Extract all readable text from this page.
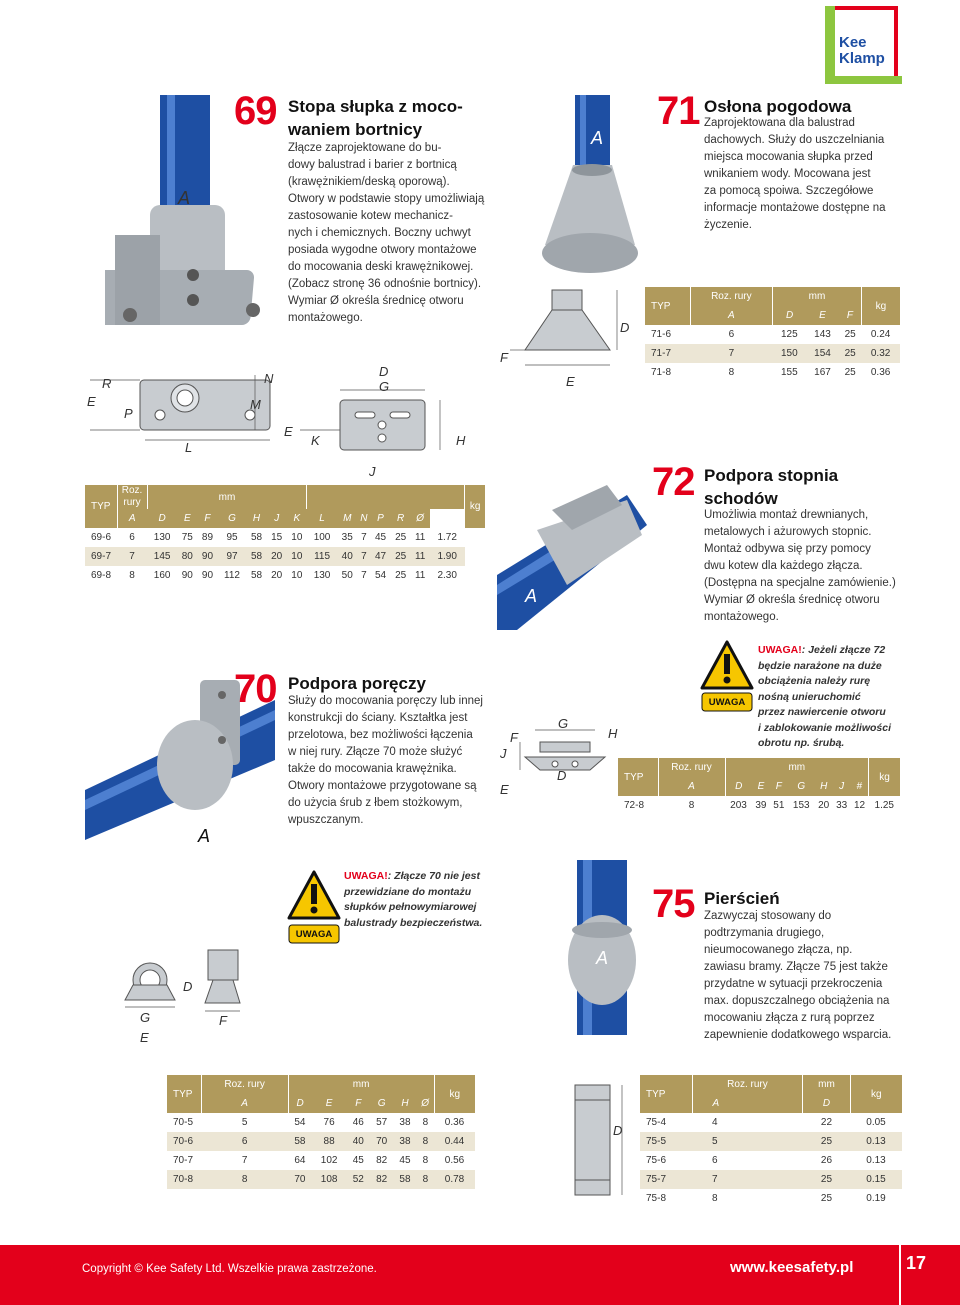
Kee
Klamp
A
69 Stopa słupka z moco-
waniem bortnicy
Złącze zaprojektowane do bu-
dowy balustrad i barier z bortnicą
(krawężnikiem/deską oporową).
Otwory w podstawie stopy umożliwiają
zastosowanie kotew mechanicz-
nych i chemicznych. Boczny uchwyt
posiada wygodne otwory montażowe
do mocowania deski krawężnikowej.
(Zobacz stronę 36 odnośnie bortnicy).
Wymiar Ø określa średnicę otworu
montażowego.
R
E
P
L
M
N	D
G
E
K	H
J
TYP	Roz.
rury	mm														kg
	A	D	E	F	G	H	J	K	L	M	N	P	R	Ø		
69-6	6	130	75	89	95	58	15	10	100	35	7	45	25	11	1.72	
69-7	7	145	80	90	97	58	20	10	115	40	7	47	25	11	1.90	
69-8	8	160	90	90	112	58	20	10	130	50	7	54	25	11	2.30	
A
F
E
D
71 Osłona pogodowa
Zaprojektowana dla balustrad
dachowych. Służy do uszczelniania
miejsca mocowania słupka przed
wnikaniem wody. Mocowana jest
za pomocą spoiwa. Szczegółowe
informacje montażowe dostępne na
życzenie.
TYP	Roz. rury	mm			kg
	A	D	E	F	
71-6	6	125	143	25	0.24
71-7	7	150	154	25	0.32
71-8	8	155	167	25	0.36
A
72 Podpora stopnia
schodów
Umożliwia montaż drewnianych,
metalowych i ażurowych stopnic.
Montaż odbywa się przy pomocy
dwu kotew dla każdego złącza.
(Dostępna na specjalne zamówienie.)
Wymiar Ø określa średnicę otworu
montażowego.
UWAGA
UWAGA!: Jeżeli złącze 72
będzie narażone na duże
obciążenia należy rurę
nośną unieruchomić
przez nawiercenie otworu
i zablokowanie możliwości
obrotu np. śrubą.
G
H
F
J
D
E
TYP	Roz. rury	mm							kg
	A	D	E	F	G	H	J	#	
72-8	8	203	39	51	153	20	33	12	1.25
A
70 Podpora poręczy
Służy do mocowania poręczy lub innej
konstrukcji do ściany. Kształtka jest
przelotowa, bez możliwości łączenia
w niej rury. Złącze 70 może służyć
także do mocowania krawężnika.
Otwory montażowe przygotowane są
do użycia śrub z łbem stożkowym,
wpuszczanym.
UWAGA
UWAGA!: Złącze 70 nie jest
przewidziane do montażu
słupków pełnowymiarowej
balustrady bezpieczeństwa.
D
G
E
F
TYP	Roz. rury	mm						kg
	A	D	E	F	G	H	Ø	
70-5	5	54	76	46	57	38	8	0.36
70-6	6	58	88	40	70	38	8	0.44
70-7	7	64	102	45	82	45	8	0.56
70-8	8	70	108	52	82	58	8	0.78
A
D
75 Pierścień
Zazwyczaj stosowany do
podtrzymania drugiego,
nieumocowanego złącza, np.
zawiasu bramy. Złącze 75 jest także
przydatne w sytuacji przekroczenia
max. dopuszczalnego obciążenia na
mocowaniu złącza z rurą poprzez
zapewnienie dodatkowego wsparcia.
TYP	Roz. rury	mm	kg
	A	D	
75-4	4	22	0.05
75-5	5	25	0.13
75-6	6	26	0.13
75-7	7	25	0.15
75-8	8	25	0.19
Copyright © Kee Safety Ltd. Wszelkie prawa zastrzeżone.	www.keesafety.pl	17
